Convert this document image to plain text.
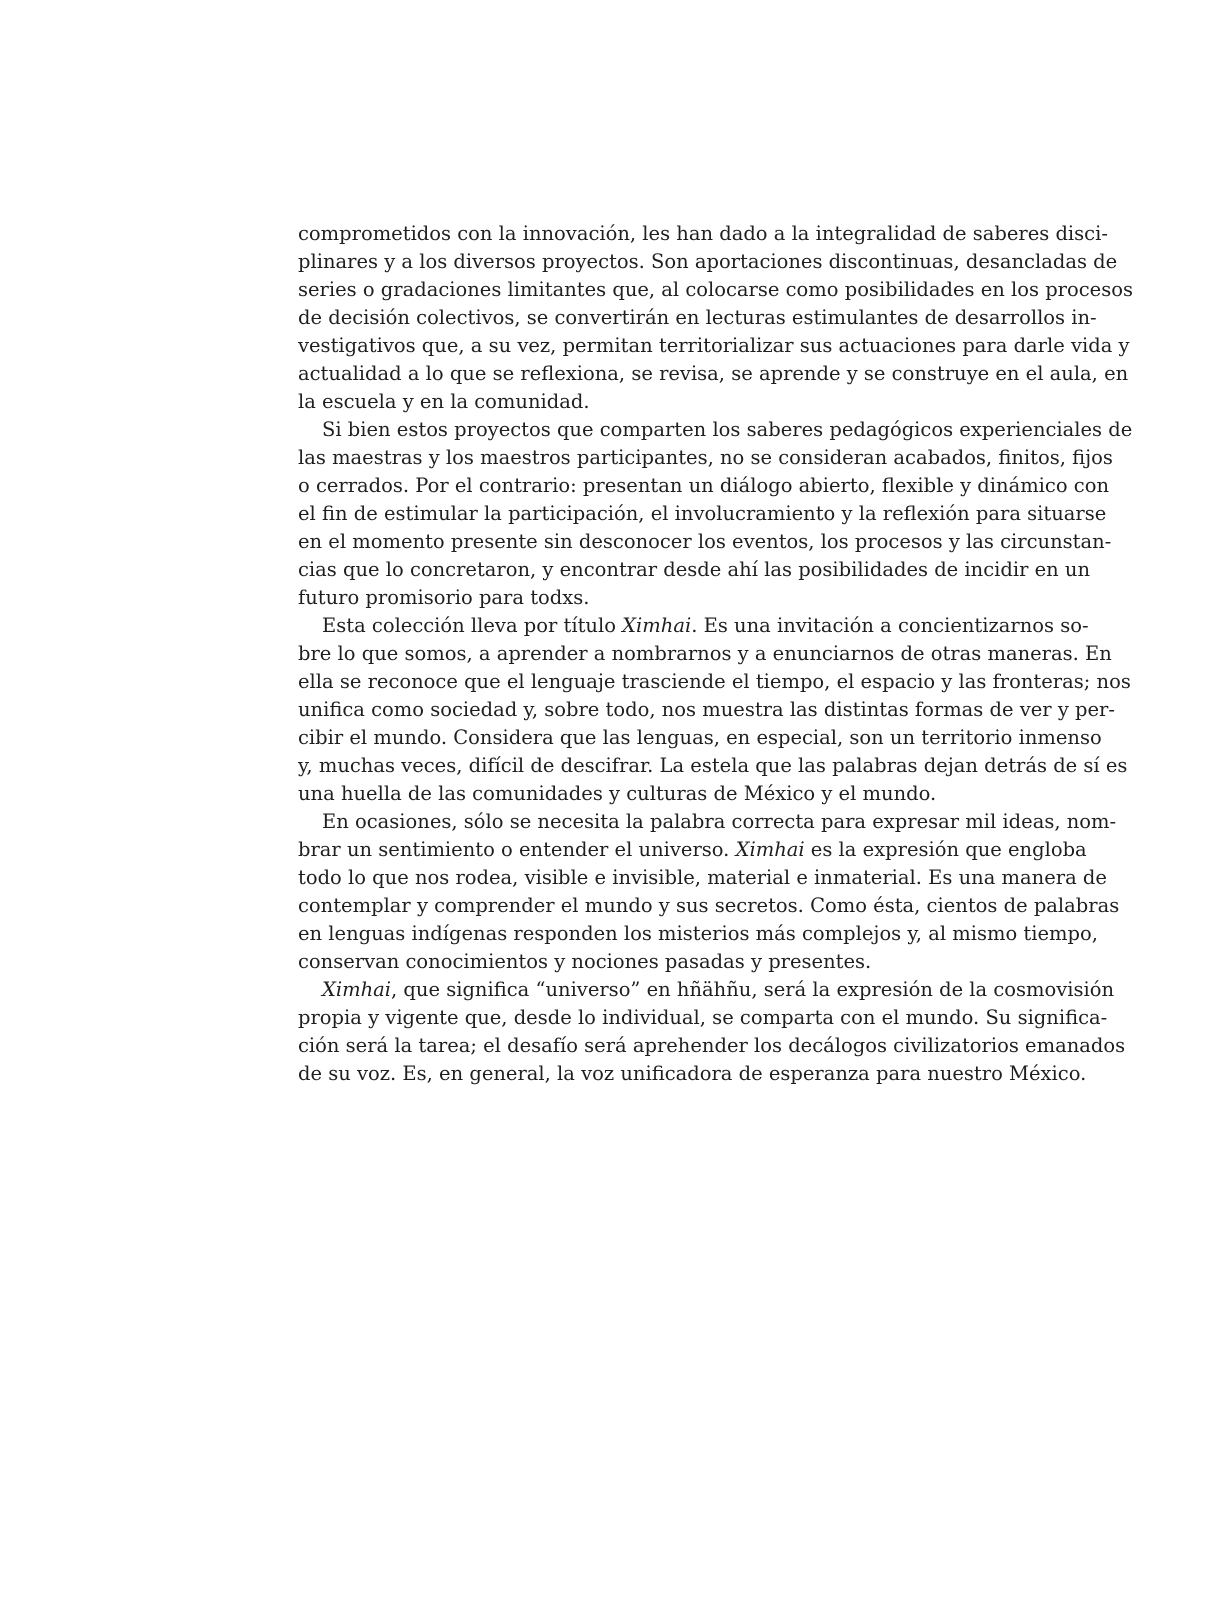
comprometidos con la innovación, les han dado a la integralidad de saberes disci-
plinares y a los diversos proyectos. Son aportaciones discontinuas, desancladas de
series o gradaciones limitantes que, al colocarse como posibilidades en los procesos
de decisión colectivos, se convertirán en lecturas estimulantes de desarrollos in-
vestigativos que, a su vez, permitan territorializar sus actuaciones para darle vida y
actualidad a lo que se reflexiona, se revisa, se aprende y se construye en el aula, en
la escuela y en la comunidad.

Si bien estos proyectos que comparten los saberes pedagógicos experienciales de
las maestras y los maestros participantes, no se consideran acabados, finitos, fijos
o cerrados. Por el contrario: presentan un diálogo abierto, flexible y dinámico con
el fin de estimular la participación, el involucramiento y la reflexión para situarse
en el momento presente sin desconocer los eventos, los procesos y las circunstan-
cias que lo concretaron, y encontrar desde ahí las posibilidades de incidir en un
futuro promisorio para todxs.

Esta colección lleva por título Ximhai. Es una invitación a concientizarnos so-
bre lo que somos, a aprender a nombrarnos y a enunciarnos de otras maneras. En
ella se reconoce que el lenguaje trasciende el tiempo, el espacio y las fronteras; nos
unifica como sociedad y, sobre todo, nos muestra las distintas formas de ver y per-
cibir el mundo. Considera que las lenguas, en especial, son un territorio inmenso
y, muchas veces, difícil de descifrar. La estela que las palabras dejan detrás de sí es
una huella de las comunidades y culturas de México y el mundo.

En ocasiones, sólo se necesita la palabra correcta para expresar mil ideas, nom-
brar un sentimiento o entender el universo. Ximhai es la expresión que engloba
todo lo que nos rodea, visible e invisible, material e inmaterial. Es una manera de
contemplar y comprender el mundo y sus secretos. Como ésta, cientos de palabras
en lenguas indígenas responden los misterios más complejos y, al mismo tiempo,
conservan conocimientos y nociones pasadas y presentes.

Ximhai, que significa “universo” en hñähñu, será la expresión de la cosmovisión
propia y vigente que, desde lo individual, se comparta con el mundo. Su significa-
ción será la tarea; el desafío será aprehender los decálogos civilizatorios emanados
de su voz. Es, en general, la voz unificadora de esperanza para nuestro México.
